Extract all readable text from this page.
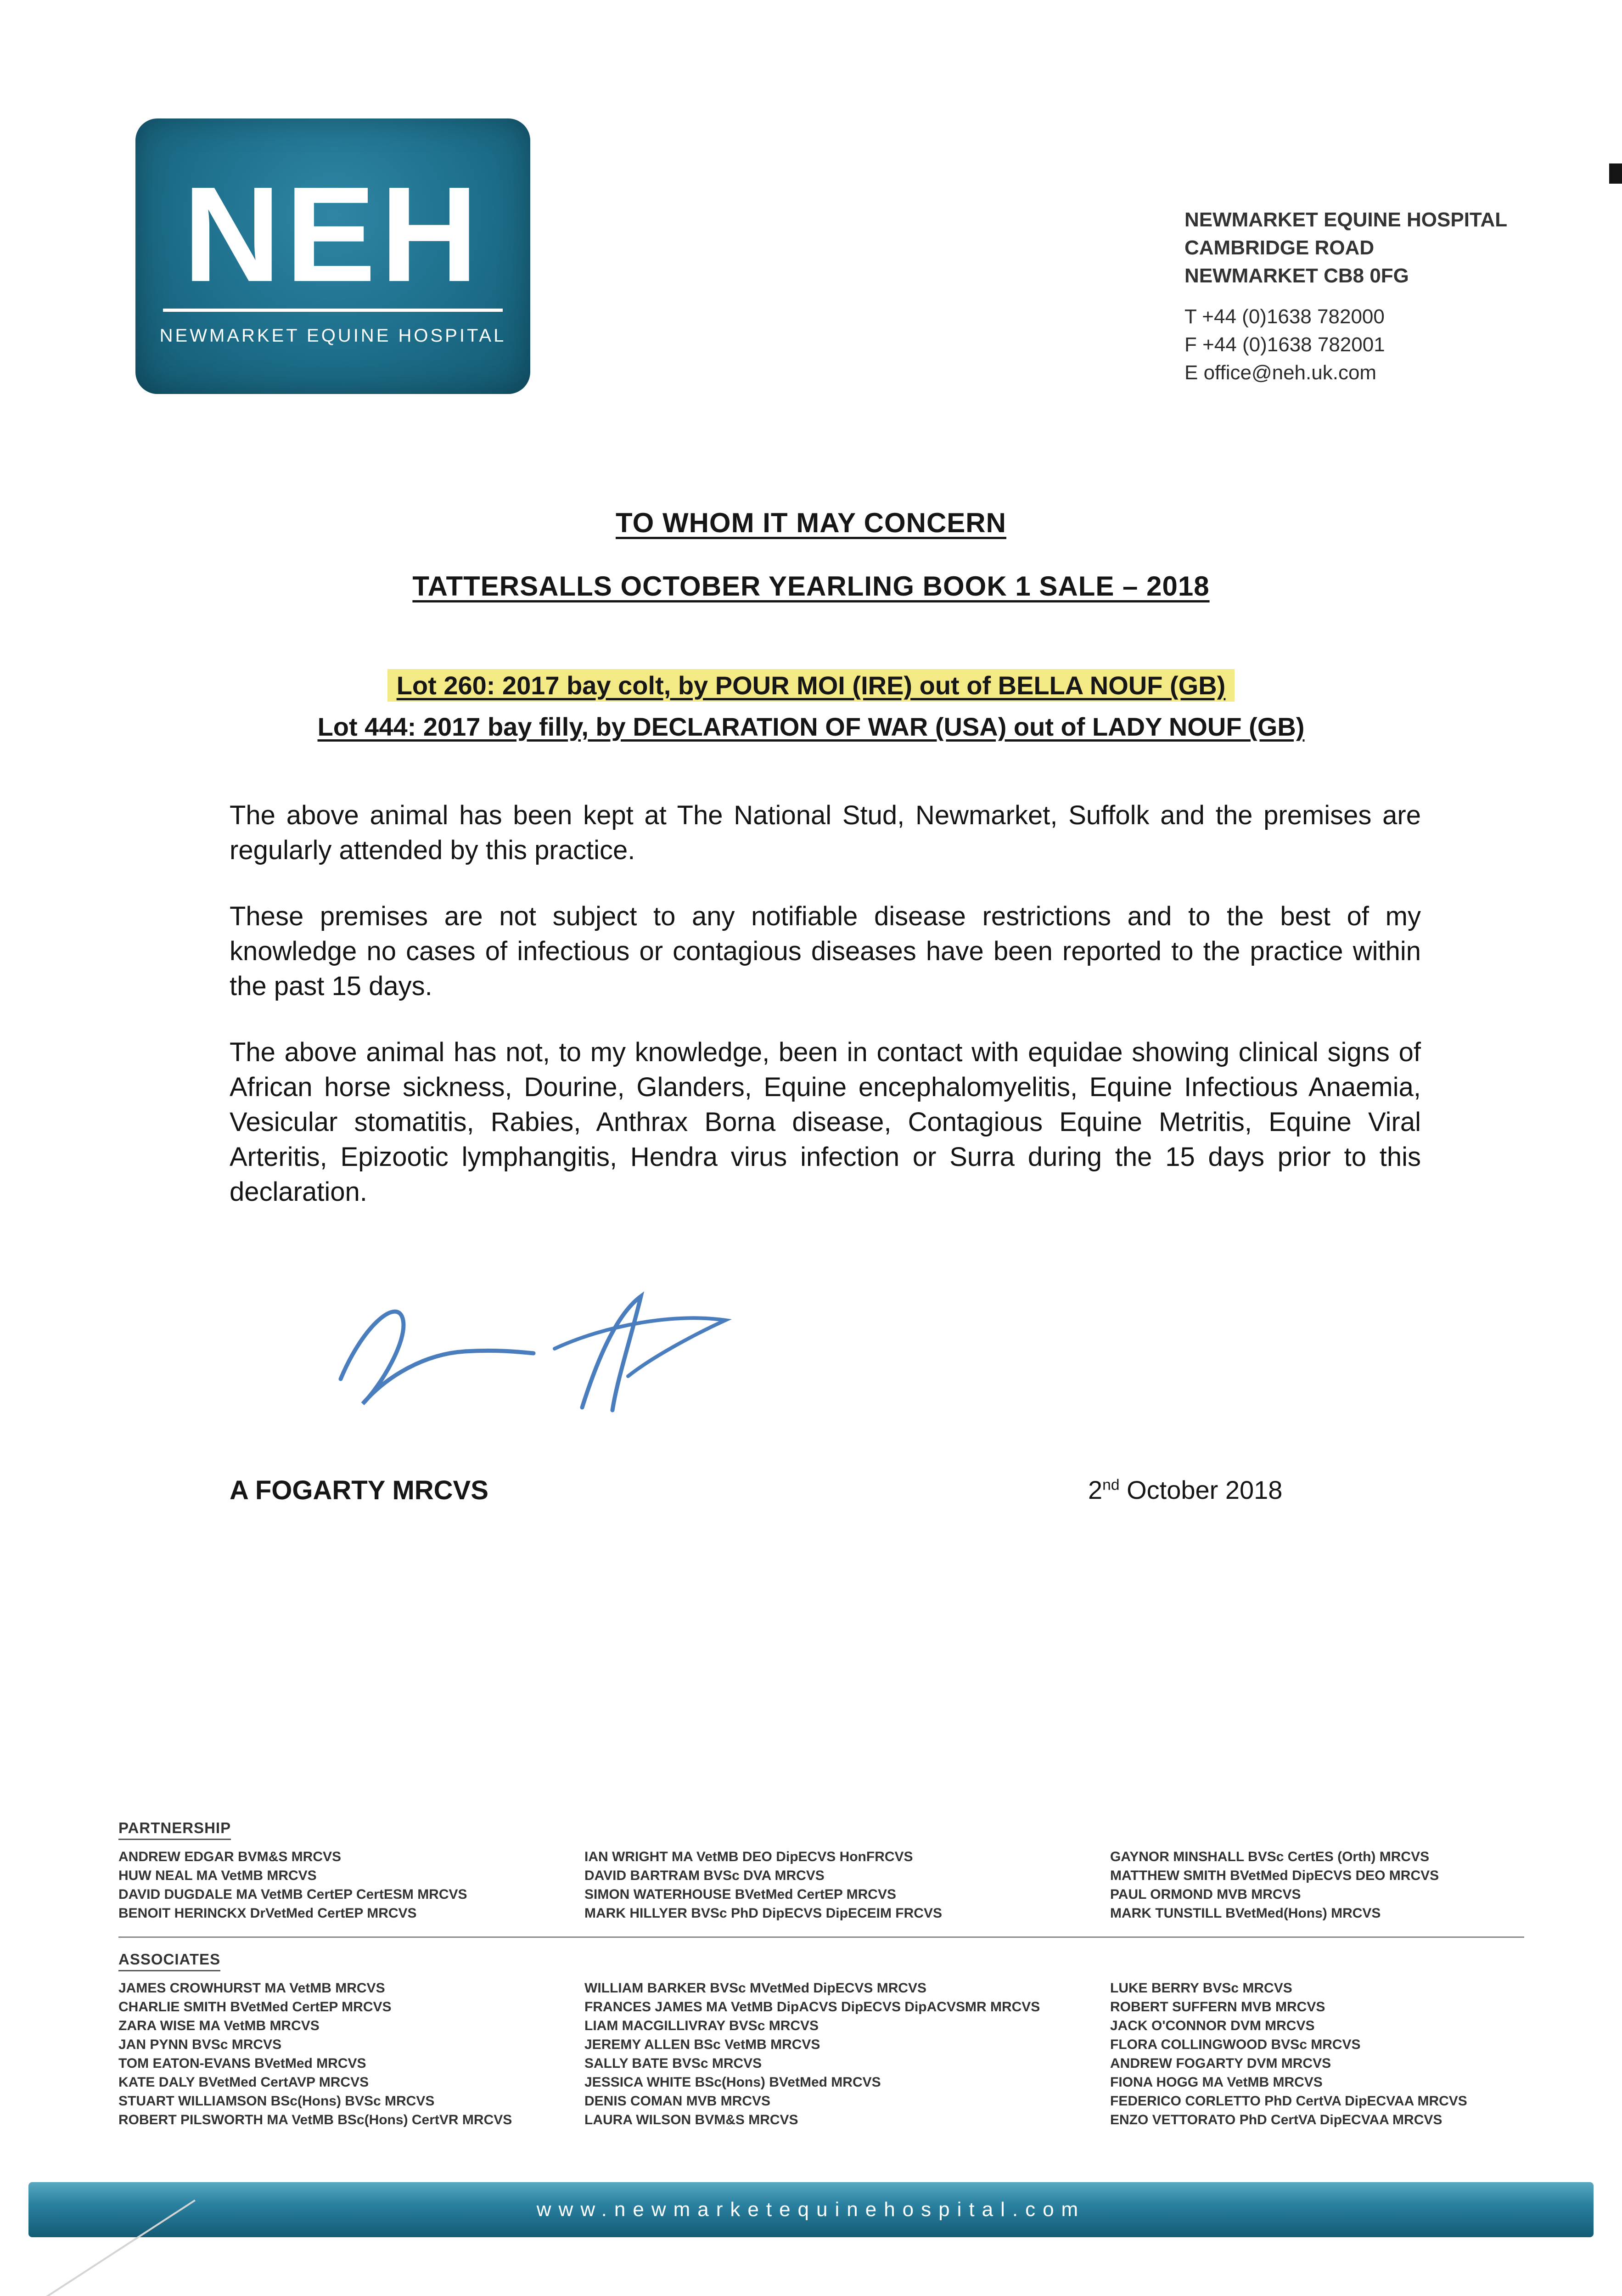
NEH
NEWMARKET EQUINE HOSPITAL
NEWMARKET EQUINE HOSPITAL
CAMBRIDGE ROAD
NEWMARKET CB8 0FG
T +44 (0)1638 782000
F +44 (0)1638 782001
E office@neh.uk.com
TO WHOM IT MAY CONCERN
TATTERSALLS OCTOBER YEARLING BOOK 1 SALE – 2018
Lot 260: 2017 bay colt, by POUR MOI (IRE) out of BELLA NOUF (GB)
Lot 444: 2017 bay filly, by DECLARATION OF WAR (USA) out of LADY NOUF (GB)

The above animal has been kept at The National Stud, Newmarket, Suffolk and the premises are regularly attended by this practice.

These premises are not subject to any notifiable disease restrictions and to the best of my knowledge no cases of infectious or contagious diseases have been reported to the practice within the past 15 days.

The above animal has not, to my knowledge, been in contact with equidae showing clinical signs of African horse sickness, Dourine, Glanders, Equine encephalomyelitis, Equine Infectious Anaemia, Vesicular stomatitis, Rabies, Anthrax Borna disease, Contagious Equine Metritis, Equine Viral Arteritis, Epizootic lymphangitis, Hendra virus infection or Surra during the 15 days prior to this declaration.

A FOGARTY MRCVS	2nd October 2018
PARTNERSHIP
ANDREW EDGAR BVM&S MRCVS
HUW NEAL MA VetMB MRCVS
DAVID DUGDALE MA VetMB CertEP CertESM MRCVS
BENOIT HERINCKX DrVetMed CertEP MRCVS
IAN WRIGHT MA VetMB DEO DipECVS HonFRCVS
DAVID BARTRAM BVSc DVA MRCVS
SIMON WATERHOUSE BVetMed CertEP MRCVS
MARK HILLYER BVSc PhD DipECVS DipECEIM FRCVS
GAYNOR MINSHALL BVSc CertES (Orth) MRCVS
MATTHEW SMITH BVetMed DipECVS DEO MRCVS
PAUL ORMOND MVB MRCVS
MARK TUNSTILL BVetMed(Hons) MRCVS
ASSOCIATES
JAMES CROWHURST MA VetMB MRCVS
CHARLIE SMITH BVetMed CertEP MRCVS
ZARA WISE MA VetMB MRCVS
JAN PYNN BVSc MRCVS
TOM EATON-EVANS BVetMed MRCVS
KATE DALY BVetMed CertAVP MRCVS
STUART WILLIAMSON BSc(Hons) BVSc MRCVS
ROBERT PILSWORTH MA VetMB BSc(Hons) CertVR MRCVS
WILLIAM BARKER BVSc MVetMed DipECVS MRCVS
FRANCES JAMES MA VetMB DipACVS DipECVS DipACVSMR MRCVS
LIAM MACGILLIVRAY BVSc MRCVS
JEREMY ALLEN BSc VetMB MRCVS
SALLY BATE BVSc MRCVS
JESSICA WHITE BSc(Hons) BVetMed MRCVS
DENIS COMAN MVB MRCVS
LAURA WILSON BVM&S MRCVS
LUKE BERRY BVSc MRCVS
ROBERT SUFFERN MVB MRCVS
JACK O'CONNOR DVM MRCVS
FLORA COLLINGWOOD BVSc MRCVS
ANDREW FOGARTY DVM MRCVS
FIONA HOGG MA VetMB MRCVS
FEDERICO CORLETTO PhD CertVA DipECVAA MRCVS
ENZO VETTORATO PhD CertVA DipECVAA MRCVS
www.newmarketequinehospital.com
